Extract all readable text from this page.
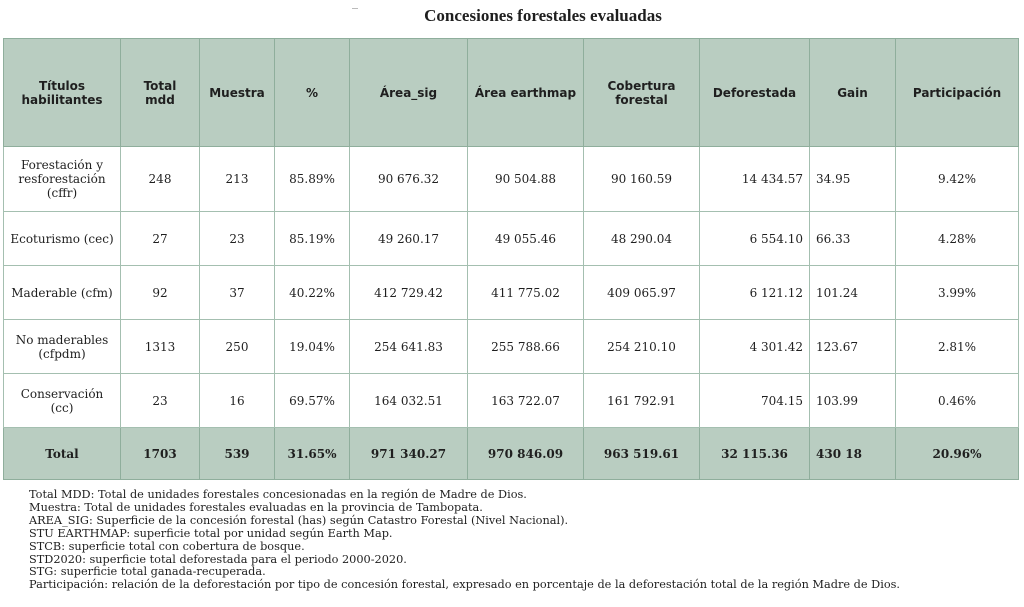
Concesiones forestales evaluadas
Títulos habilitantes	Total mdd	Muestra	%	Área_sig	Área earthmap	Cobertura forestal	Deforestada	Gain	Participación
Forestación y resforestación (cffr)	248	213	85.89%	90 676.32	90 504.88	90 160.59	14 434.57	34.95	9.42%
Ecoturismo (cec)	27	23	85.19%	49 260.17	49 055.46	48 290.04	6 554.10	66.33	4.28%
Maderable (cfm)	92	37	40.22%	412 729.42	411 775.02	409 065.97	6 121.12	101.24	3.99%
No maderables (cfpdm)	1313	250	19.04%	254 641.83	255 788.66	254 210.10	4 301.42	123.67	2.81%
Conservación (cc)	23	16	69.57%	164 032.51	163 722.07	161 792.91	704.15	103.99	0.46%
Total	1703	539	31.65%	971 340.27	970 846.09	963 519.61	32 115.36	430 18	20.96%
Total MDD: Total de unidades forestales concesionadas en la región de Madre de Dios.
Muestra: Total de unidades forestales evaluadas en la provincia de Tambopata.
AREA_SIG: Superficie de la concesión forestal (has) según Catastro Forestal (Nivel Nacional).
STU EARTHMAP: superficie total por unidad según Earth Map.
STCB: superficie total con cobertura de bosque.
STD2020: superficie total deforestada para el periodo 2000-2020.
STG: superficie total ganada-recuperada.
Participación: relación de la deforestación por tipo de concesión forestal, expresado en porcentaje de la deforestación total de la región Madre de Dios.
